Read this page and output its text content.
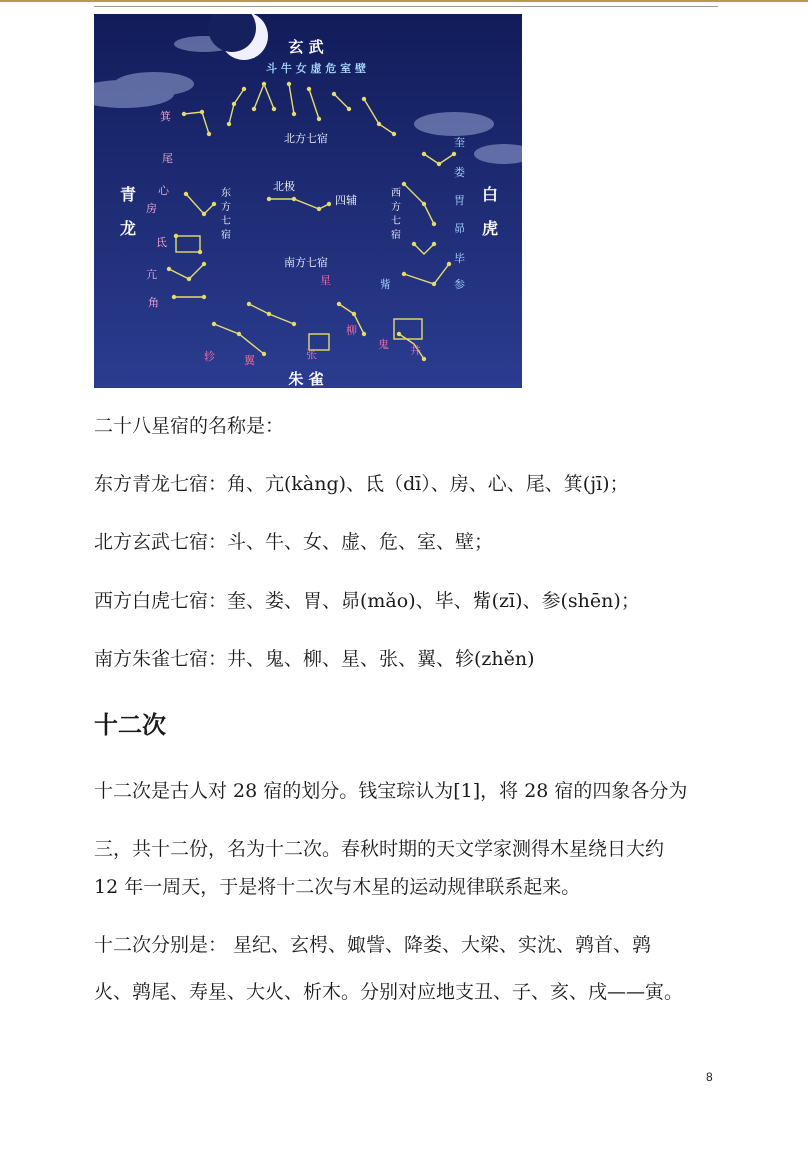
玄 武
斗 牛 女 虚 危 室 壁
北方七宿
青
龙
东
方
七
宿
白
虎
西
方
七
宿
南方七宿
朱 雀
北极
四辅
箕
尾
心
房
氐
亢
角
奎
娄
胃
昴
毕
参
觜
轸	翼	张
星
柳
鬼 井

二十八星宿的名称是：

东方青龙七宿：角、亢(kàng)、氐（dī）、房、心、尾、箕(jī)；

北方玄武七宿：斗、牛、女、虚、危、室、壁；

西方白虎七宿：奎、娄、胃、昴(mǎo)、毕、觜(zī)、参(shēn)；

南方朱雀七宿：井、鬼、柳、星、张、翼、轸(zhěn)

十二次

十二次是古人对 28 宿的划分。钱宝琮认为[1]，将 28 宿的四象各分为

三，共十二份，名为十二次。春秋时期的天文学家测得木星绕日大约

12 年一周天，于是将十二次与木星的运动规律联系起来。

十二次分别是： 星纪、玄枵、娵訾、降娄、大梁、实沈、鹑首、鹑

火、鹑尾、寿星、大火、析木。分别对应地支丑、子、亥、戌——寅。

8
